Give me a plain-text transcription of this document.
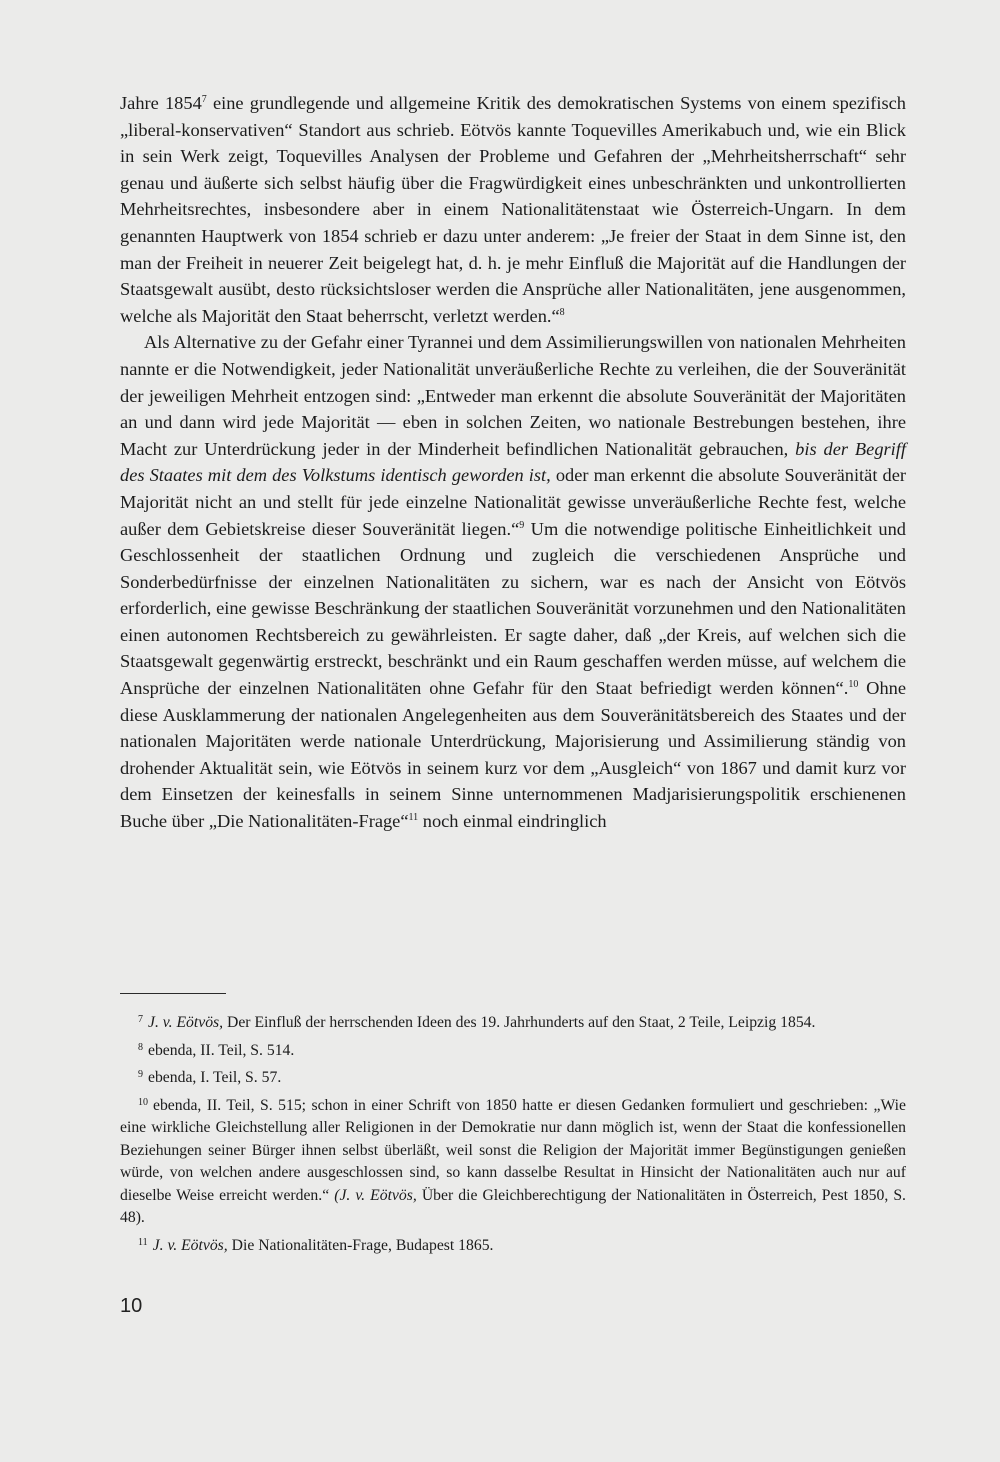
Jahre 1854$^7$ eine grundlegende und allgemeine Kritik des demokratischen Systems von einem spezifisch „liberal-konservativen“ Standort aus schrieb. Eötvös kannte Toquevilles Amerikabuch und, wie ein Blick in sein Werk zeigt, Toquevilles Analysen der Probleme und Gefahren der „Mehrheitsherrschaft“ sehr genau und äußerte sich selbst häufig über die Fragwürdigkeit eines unbeschränkten und unkontrollierten Mehrheitsrechtes, insbesondere aber in einem Nationalitätenstaat wie Österreich-Ungarn. In dem genannten Hauptwerk von 1854 schrieb er dazu unter anderem: „Je freier der Staat in dem Sinne ist, den man der Freiheit in neuerer Zeit beigelegt hat, d. h. je mehr Einfluß die Majorität auf die Handlungen der Staatsgewalt ausübt, desto rücksichtsloser werden die Ansprüche aller Nationalitäten, jene ausgenommen, welche als Majorität den Staat beherrscht, verletzt werden.“$^8$

Als Alternative zu der Gefahr einer Tyrannei und dem Assimilierungswillen von nationalen Mehrheiten nannte er die Notwendigkeit, jeder Nationalität unveräußerliche Rechte zu verleihen, die der Souveränität der jeweiligen Mehrheit entzogen sind: „Entweder man erkennt die absolute Souveränität der Majoritäten an und dann wird jede Majorität — eben in solchen Zeiten, wo nationale Bestrebungen bestehen, ihre Macht zur Unterdrückung jeder in der Minderheit befindlichen Nationalität gebrauchen, bis der Begriff des Staates mit dem des Volkstums identisch geworden ist, oder man erkennt die absolute Souveränität der Majorität nicht an und stellt für jede einzelne Nationalität gewisse unveräußerliche Rechte fest, welche außer dem Gebietskreise dieser Souveränität liegen.“$^9$ Um die notwendige politische Einheitlichkeit und Geschlossenheit der staatlichen Ordnung und zugleich die verschiedenen Ansprüche und Sonderbedürfnisse der einzelnen Nationalitäten zu sichern, war es nach der Ansicht von Eötvös erforderlich, eine gewisse Beschränkung der staatlichen Souveränität vorzunehmen und den Nationalitäten einen autonomen Rechtsbereich zu gewährleisten. Er sagte daher, daß „der Kreis, auf welchen sich die Staatsgewalt gegenwärtig erstreckt, beschränkt und ein Raum geschaffen werden müsse, auf welchem die Ansprüche der einzelnen Nationalitäten ohne Gefahr für den Staat befriedigt werden können“.$^{10}$ Ohne diese Ausklammerung der nationalen Angelegenheiten aus dem Souveränitätsbereich des Staates und der nationalen Majoritäten werde nationale Unterdrückung, Majorisierung und Assimilierung ständig von drohender Aktualität sein, wie Eötvös in seinem kurz vor dem „Ausgleich“ von 1867 und damit kurz vor dem Einsetzen der keinesfalls in seinem Sinne unternommenen Madjarisierungspolitik erschienenen Buche über „Die Nationalitäten-Frage“$^{11}$ noch einmal eindringlich

$^7$ J. v. Eötvös, Der Einfluß der herrschenden Ideen des 19. Jahrhunderts auf den Staat, 2 Teile, Leipzig 1854.

$^8$ ebenda, II. Teil, S. 514.

$^9$ ebenda, I. Teil, S. 57.

$^{10}$ ebenda, II. Teil, S. 515; schon in einer Schrift von 1850 hatte er diesen Gedanken formuliert und geschrieben: „Wie eine wirkliche Gleichstellung aller Religionen in der Demokratie nur dann möglich ist, wenn der Staat die konfessionellen Beziehungen seiner Bürger ihnen selbst überläßt, weil sonst die Religion der Majorität immer Begünstigungen genießen würde, von welchen andere ausgeschlossen sind, so kann dasselbe Resultat in Hinsicht der Nationalitäten auch nur auf dieselbe Weise erreicht werden.“ (J. v. Eötvös, Über die Gleichberechtigung der Nationalitäten in Österreich, Pest 1850, S. 48).

$^{11}$ J. v. Eötvös, Die Nationalitäten-Frage, Budapest 1865.

10
